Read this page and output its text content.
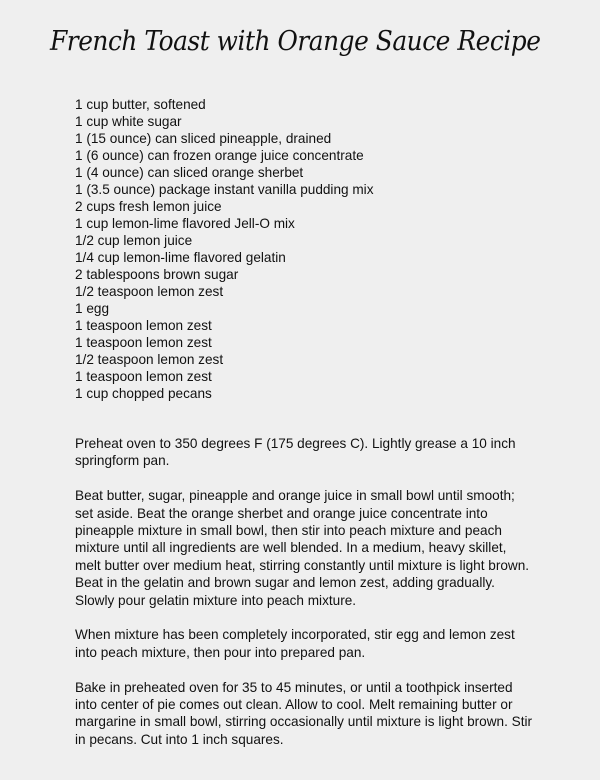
French Toast with Orange Sauce Recipe
1 cup butter, softened
1 cup white sugar
1 (15 ounce) can sliced pineapple, drained
1 (6 ounce) can frozen orange juice concentrate
1 (4 ounce) can sliced orange sherbet
1 (3.5 ounce) package instant vanilla pudding mix
2 cups fresh lemon juice
1 cup lemon-lime flavored Jell-O mix
1/2 cup lemon juice
1/4 cup lemon-lime flavored gelatin
2 tablespoons brown sugar
1/2 teaspoon lemon zest
1 egg
1 teaspoon lemon zest
1 teaspoon lemon zest
1/2 teaspoon lemon zest
1 teaspoon lemon zest
1 cup chopped pecans

Preheat oven to 350 degrees F (175 degrees C). Lightly grease a 10 inch springform pan.

Beat butter, sugar, pineapple and orange juice in small bowl until smooth; set aside. Beat the orange sherbet and orange juice concentrate into pineapple mixture in small bowl, then stir into peach mixture and peach mixture until all ingredients are well blended. In a medium, heavy skillet, melt butter over medium heat, stirring constantly until mixture is light brown. Beat in the gelatin and brown sugar and lemon zest, adding gradually. Slowly pour gelatin mixture into peach mixture.

When mixture has been completely incorporated, stir egg and lemon zest into peach mixture, then pour into prepared pan.

Bake in preheated oven for 35 to 45 minutes, or until a toothpick inserted into center of pie comes out clean. Allow to cool. Melt remaining butter or margarine in small bowl, stirring occasionally until mixture is light brown. Stir in pecans. Cut into 1 inch squares.
